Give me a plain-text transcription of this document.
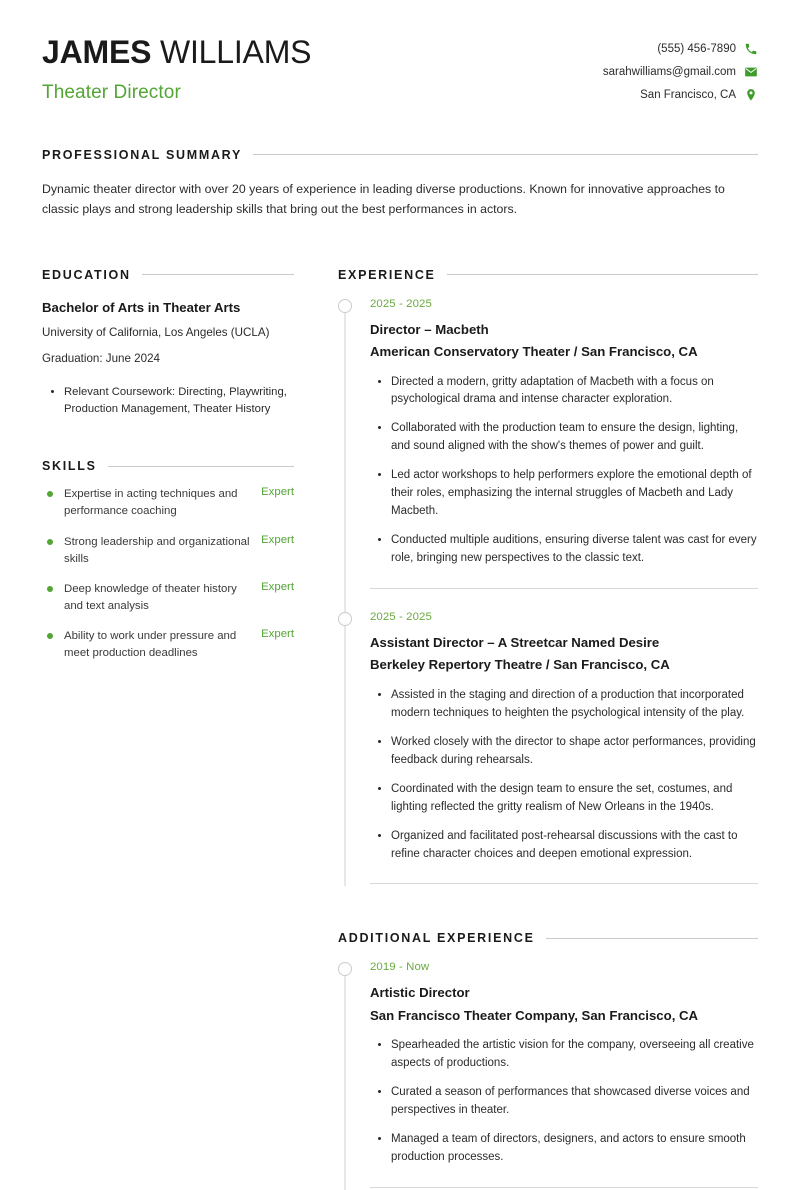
JAMES WILLIAMS
Theater Director
(555) 456-7890
sarahwilliams@gmail.com
San Francisco, CA
PROFESSIONAL SUMMARY

Dynamic theater director with over 20 years of experience in leading diverse productions. Known for innovative approaches to classic plays and strong leadership skills that bring out the best performances in actors.

EDUCATION
Bachelor of Arts in Theater Arts
University of California, Los Angeles (UCLA)
Graduation: June 2024
• Relevant Coursework: Directing, Playwriting, Production Management, Theater History
SKILLS
Expertise in acting techniques and performance coaching
Expert
Strong leadership and organizational skills
Expert
Deep knowledge of theater history and text analysis
Expert
Ability to work under pressure and meet production deadlines
Expert
EXPERIENCE
2025 - 2025
Director – Macbeth
American Conservatory Theater / San Francisco, CA
• Directed a modern, gritty adaptation of Macbeth with a focus on psychological drama and intense character exploration.
• Collaborated with the production team to ensure the design, lighting, and sound aligned with the show's themes of power and guilt.
• Led actor workshops to help performers explore the emotional depth of their roles, emphasizing the internal struggles of Macbeth and Lady Macbeth.
• Conducted multiple auditions, ensuring diverse talent was cast for every role, bringing new perspectives to the classic text.
2025 - 2025
Assistant Director – A Streetcar Named Desire
Berkeley Repertory Theatre / San Francisco, CA
• Assisted in the staging and direction of a production that incorporated modern techniques to heighten the psychological intensity of the play.
• Worked closely with the director to shape actor performances, providing feedback during rehearsals.
• Coordinated with the design team to ensure the set, costumes, and lighting reflected the gritty realism of New Orleans in the 1940s.
• Organized and facilitated post-rehearsal discussions with the cast to refine character choices and deepen emotional expression.
ADDITIONAL EXPERIENCE
2019 - Now
Artistic Director
San Francisco Theater Company, San Francisco, CA
• Spearheaded the artistic vision for the company, overseeing all creative aspects of productions.
• Curated a season of performances that showcased diverse voices and perspectives in theater.
• Managed a team of directors, designers, and actors to ensure smooth production processes.
